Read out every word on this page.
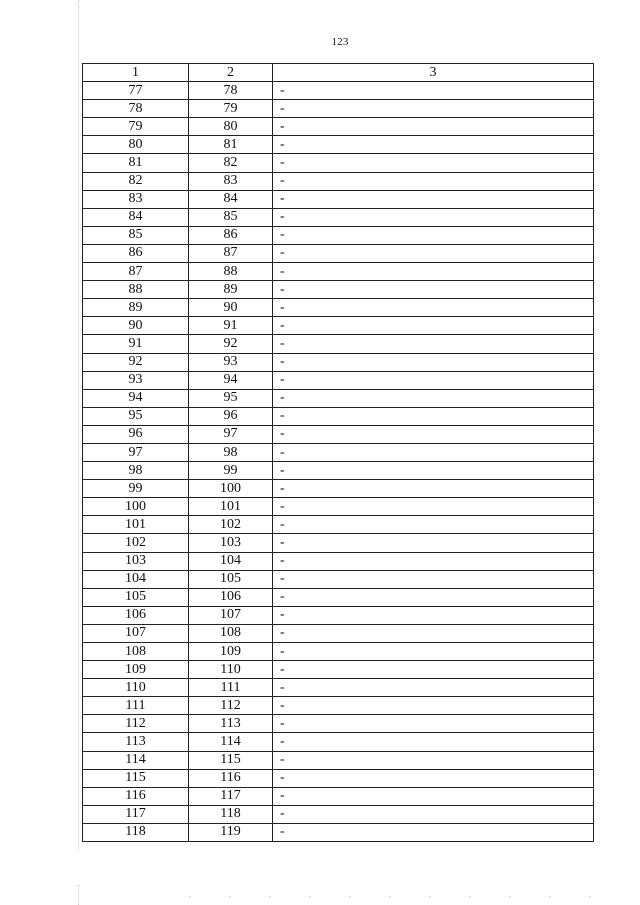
123
1	2	3
77	78	-
78	79	-
79	80	-
80	81	-
81	82	-
82	83	-
83	84	-
84	85	-
85	86	-
86	87	-
87	88	-
88	89	-
89	90	-
90	91	-
91	92	-
92	93	-
93	94	-
94	95	-
95	96	-
96	97	-
97	98	-
98	99	-
99	100	-
100	101	-
101	102	-
102	103	-
103	104	-
104	105	-
105	106	-
106	107	-
107	108	-
108	109	-
109	110	-
110	111	-
111	112	-
112	113	-
113	114	-
114	115	-
115	116	-
116	117	-
117	118	-
118	119	-
